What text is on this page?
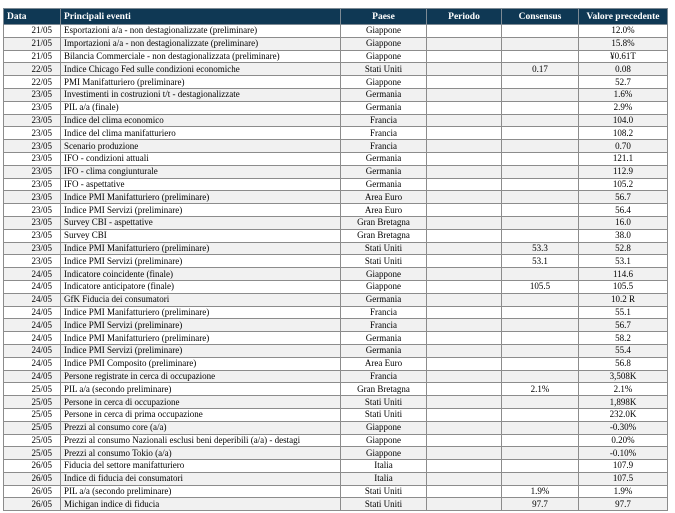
Data	Principali eventi	Paese	Periodo	Consensus	Valore precedente
21/05	Esportazioni a/a - non destagionalizzate (preliminare)	Giappone			12.0%
21/05	Importazioni a/a - non destagionalizzate (preliminare)	Giappone			15.8%
21/05	Bilancia Commerciale - non destagionalizzata (preliminare)	Giappone			¥0.61T
22/05	Indice Chicago Fed sulle condizioni economiche	Stati Uniti		0.17	0.08
22/05	PMI Manifatturiero (preliminare)	Giappone			52.7
23/05	Investimenti in costruzioni t/t - destagionalizzate	Germania			1.6%
23/05	PIL a/a (finale)	Germania			2.9%
23/05	Indice del clima economico	Francia			104.0
23/05	Indice del clima manifatturiero	Francia			108.2
23/05	Scenario produzione	Francia			0.70
23/05	IFO - condizioni attuali	Germania			121.1
23/05	IFO - clima congiunturale	Germania			112.9
23/05	IFO - aspettative	Germania			105.2
23/05	Indice PMI Manifatturiero (preliminare)	Area Euro			56.7
23/05	Indice PMI Servizi (preliminare)	Area Euro			56.4
23/05	Survey CBI - aspettative	Gran Bretagna			16.0
23/05	Survey CBI	Gran Bretagna			38.0
23/05	Indice PMI Manifatturiero (preliminare)	Stati Uniti		53.3	52.8
23/05	Indice PMI Servizi (preliminare)	Stati Uniti		53.1	53.1
24/05	Indicatore coincidente (finale)	Giappone			114.6
24/05	Indicatore anticipatore (finale)	Giappone		105.5	105.5
24/05	GfK Fiducia dei consumatori	Germania			10.2 R
24/05	Indice PMI Manifatturiero (preliminare)	Francia			55.1
24/05	Indice PMI Servizi (preliminare)	Francia			56.7
24/05	Indice PMI Manifatturiero (preliminare)	Germania			58.2
24/05	Indice PMI Servizi (preliminare)	Germania			55.4
24/05	Indice PMI Composito (preliminare)	Area Euro			56.8
24/05	Persone registrate in cerca di occupazione	Francia			3,508K
25/05	PIL a/a (secondo preliminare)	Gran Bretagna		2.1%	2.1%
25/05	Persone in cerca di occupazione	Stati Uniti			1,898K
25/05	Persone in cerca di prima occupazione	Stati Uniti			232.0K
25/05	Prezzi al consumo core (a/a)	Giappone			-0.30%
25/05	Prezzi al consumo Nazionali esclusi beni deperibili (a/a) - destagi	Giappone			0.20%
25/05	Prezzi al consumo Tokio (a/a)	Giappone			-0.10%
26/05	Fiducia del settore manifatturiero	Italia			107.9
26/05	Indice di fiducia dei consumatori	Italia			107.5
26/05	PIL a/a (secondo preliminare)	Stati Uniti		1.9%	1.9%
26/05	Michigan indice di fiducia	Stati Uniti		97.7	97.7
